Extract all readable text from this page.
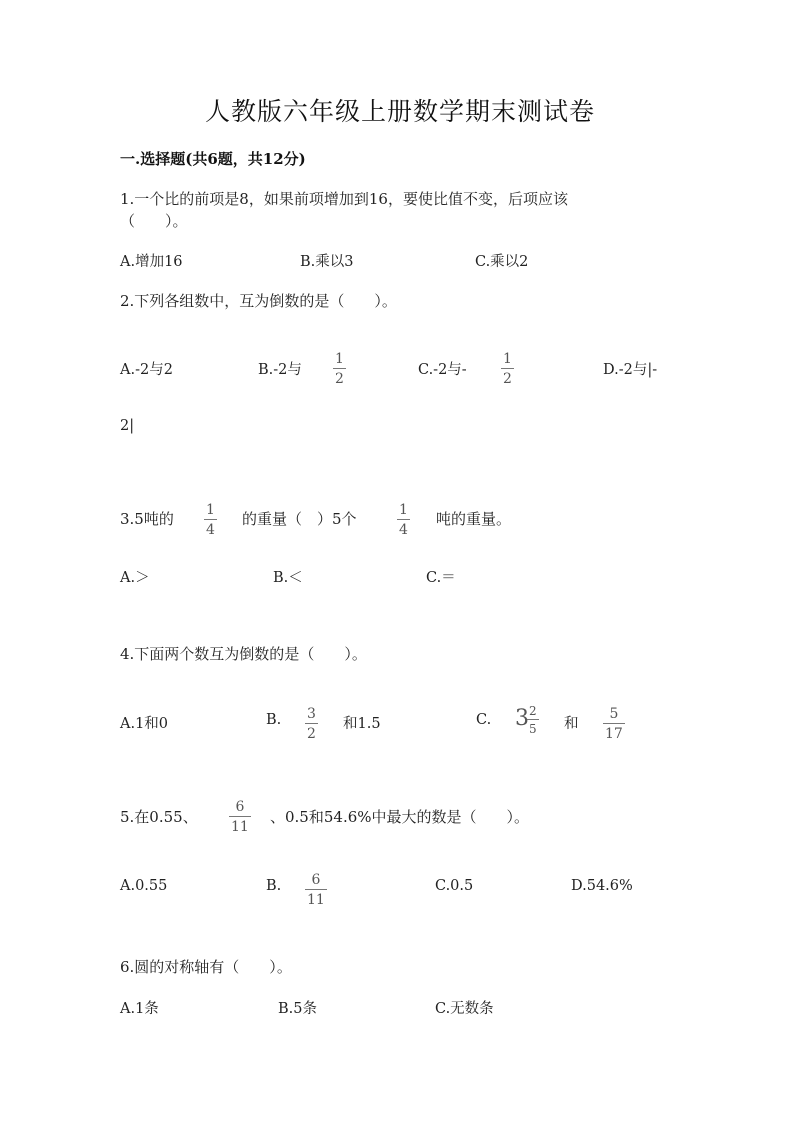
人教版六年级上册数学期末测试卷
一.选择题(共6题，共12分)
1.一个比的前项是8，如果前项增加到16，要使比值不变，后项应该
（　　）。
A.增加16	B.乘以3	C.乘以2
2.下列各组数中，互为倒数的是（　　）。
A.-2与2	B.-2与 $\frac{1}{2}$	C.-2与- $\frac{1}{2}$	D.-2与|-
2|
3.5吨的 $\frac{1}{4}$ 的重量（　）5个	$\frac{1}{4}$ 吨的重量。
A.＞	B.＜	C.＝
4.下面两个数互为倒数的是（　　）。
A.1和0	B. $\frac{3}{2}$ 和1.5	C. 3
$\frac{2}{5}$ 和 $\frac{5}{17}$
5.在0.55、 $\frac{6}{11}$ 、0.5和54.6%中最大的数是（　　）。
A.0.55	B. $\frac{6}{11}$	C.0.5	D.54.6%
6.圆的对称轴有（　　）。
A.1条	B.5条	C.无数条
